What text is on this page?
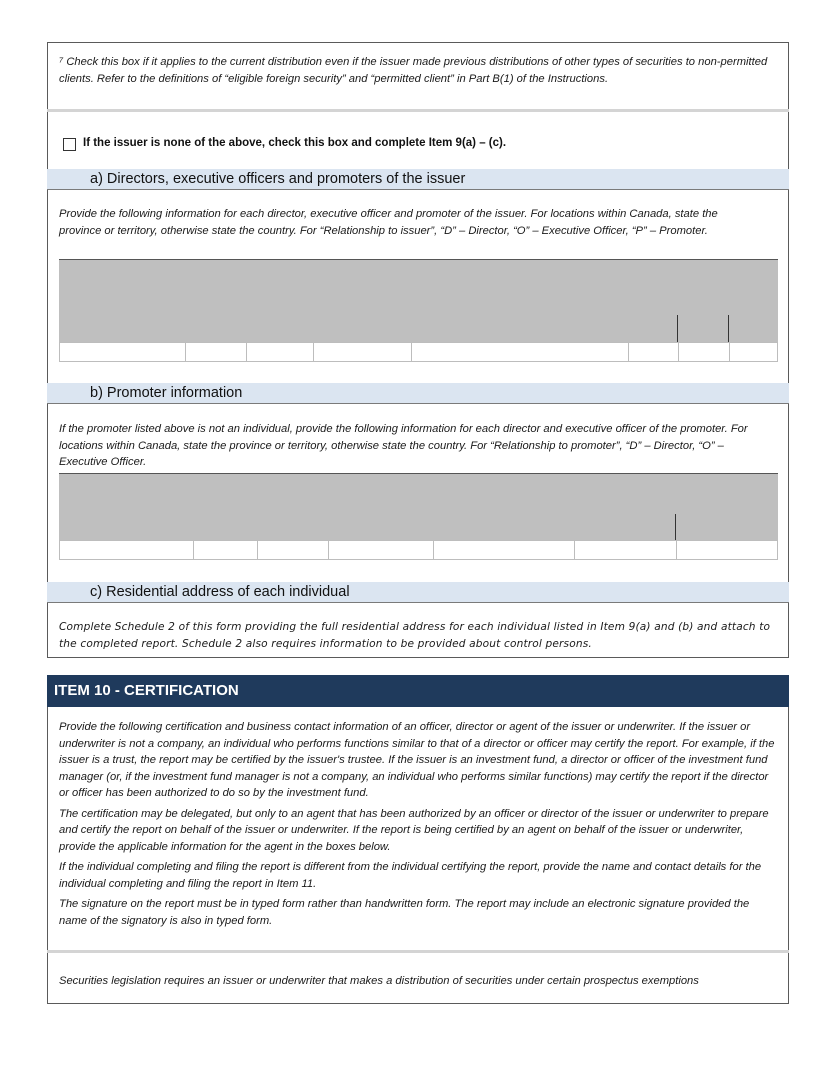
⁷ Check this box if it applies to the current distribution even if the issuer made previous distributions of other types of securities to non-permitted clients. Refer to the definitions of “eligible foreign security” and “permitted client” in Part B(1) of the Instructions.

If the issuer is none of the above, check this box and complete Item 9(a) – (c).
a) Directors, executive officers and promoters of the issuer

Provide the following information for each director, executive officer and promoter of the issuer. For locations within Canada, state the province or territory, otherwise state the country. For “Relationship to issuer”, “D” – Director, “O” – Executive Officer, “P” – Promoter.

b) Promoter information

If the promoter listed above is not an individual, provide the following information for each director and executive officer of the promoter. For locations within Canada, state the province or territory, otherwise state the country. For “Relationship to promoter”, “D” – Director, “O” – Executive Officer.

c) Residential address of each individual

Complete Schedule 2 of this form providing the full residential address for each individual listed in Item 9(a) and (b) and attach to the completed report. Schedule 2 also requires information to be provided about control persons.

ITEM 10 - CERTIFICATION

Provide the following certification and business contact information of an officer, director or agent of the issuer or underwriter. If the issuer or underwriter is not a company, an individual who performs functions similar to that of a director or officer may certify the report. For example, if the issuer is a trust, the report may be certified by the issuer's trustee. If the issuer is an investment fund, a director or officer of the investment fund manager (or, if the investment fund manager is not a company, an individual who performs similar functions) may certify the report if the director or officer has been authorized to do so by the investment fund.

The certification may be delegated, but only to an agent that has been authorized by an officer or director of the issuer or underwriter to prepare and certify the report on behalf of the issuer or underwriter. If the report is being certified by an agent on behalf of the issuer or underwriter, provide the applicable information for the agent in the boxes below.

If the individual completing and filing the report is different from the individual certifying the report, provide the name and contact details for the individual completing and filing the report in Item 11.

The signature on the report must be in typed form rather than handwritten form. The report may include an electronic signature provided the name of the signatory is also in typed form.

Securities legislation requires an issuer or underwriter that makes a distribution of securities under certain prospectus exemptions
